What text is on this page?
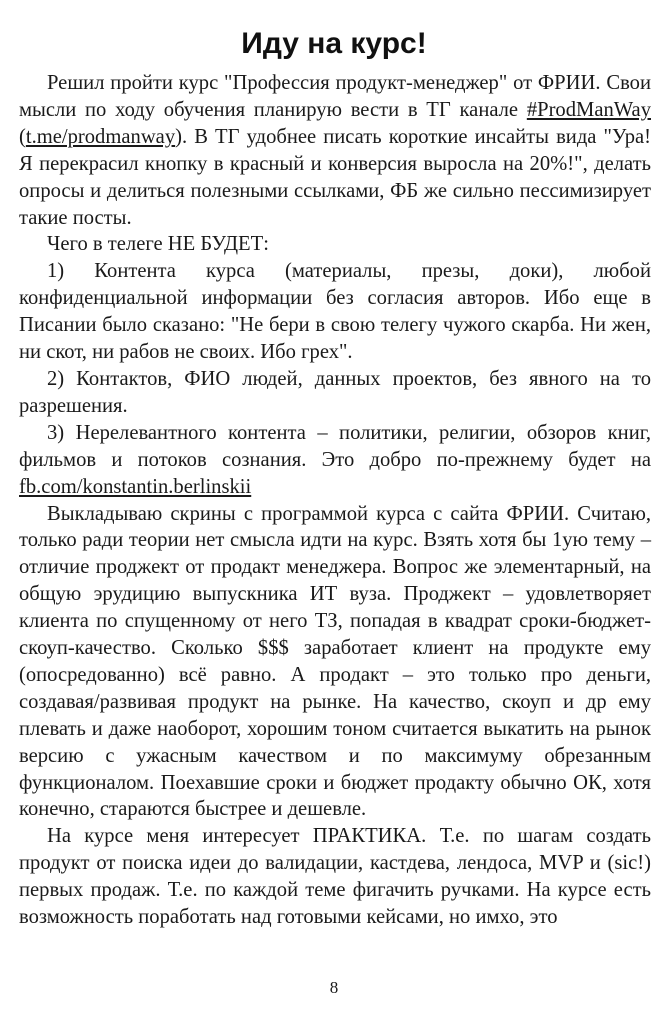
Иду на курс!

Решил пройти курс "Профессия продукт-менеджер" от ФРИИ. Свои мысли по ходу обучения планирую вести в ТГ канале #ProdManWay (t.me/prodmanway). В ТГ удобнее писать короткие инсайты вида "Ура! Я перекрасил кнопку в красный и конверсия выросла на 20%!", делать опросы и делиться полезными ссылками, ФБ же сильно пессимизирует такие посты.

Чего в телеге НЕ БУДЕТ:

1) Контента курса (материалы, презы, доки), любой конфиденциальной информации без согласия авторов. Ибо еще в Писании было сказано: "Не бери в свою телегу чужого скарба. Ни жен, ни скот, ни рабов не своих. Ибо грех".

2) Контактов, ФИО людей, данных проектов, без явного на то разрешения.

3) Нерелевантного контента – политики, религии, обзоров книг, фильмов и потоков сознания. Это добро по-прежнему будет на fb.com/konstantin.berlinskii

Выкладываю скрины с программой курса с сайта ФРИИ. Считаю, только ради теории нет смысла идти на курс. Взять хотя бы 1ую тему – отличие проджект от продакт менеджера. Вопрос же элементарный, на общую эрудицию выпускника ИТ вуза. Проджект – удовлетворяет клиента по спущенному от него ТЗ, попадая в квадрат сроки-бюджет-скоуп-качество. Сколько $$$ заработает клиент на продукте ему (опосредованно) всё равно. А продакт – это только про деньги, создавая/развивая продукт на рынке. На качество, скоуп и др ему плевать и даже наоборот, хорошим тоном считается выкатить на рынок версию с ужасным качеством и по максимуму обрезанным функционалом. Поехавшие сроки и бюджет продакту обычно ОК, хотя конечно, стараются быстрее и дешевле.

На курсе меня интересует ПРАКТИКА. Т.е. по шагам создать продукт от поиска идеи до валидации, кастдева, лендоса, MVP и (sic!) первых продаж. Т.е. по каждой теме фигачить ручками. На курсе есть возможность поработать над готовыми кейсами, но имхо, это

8
